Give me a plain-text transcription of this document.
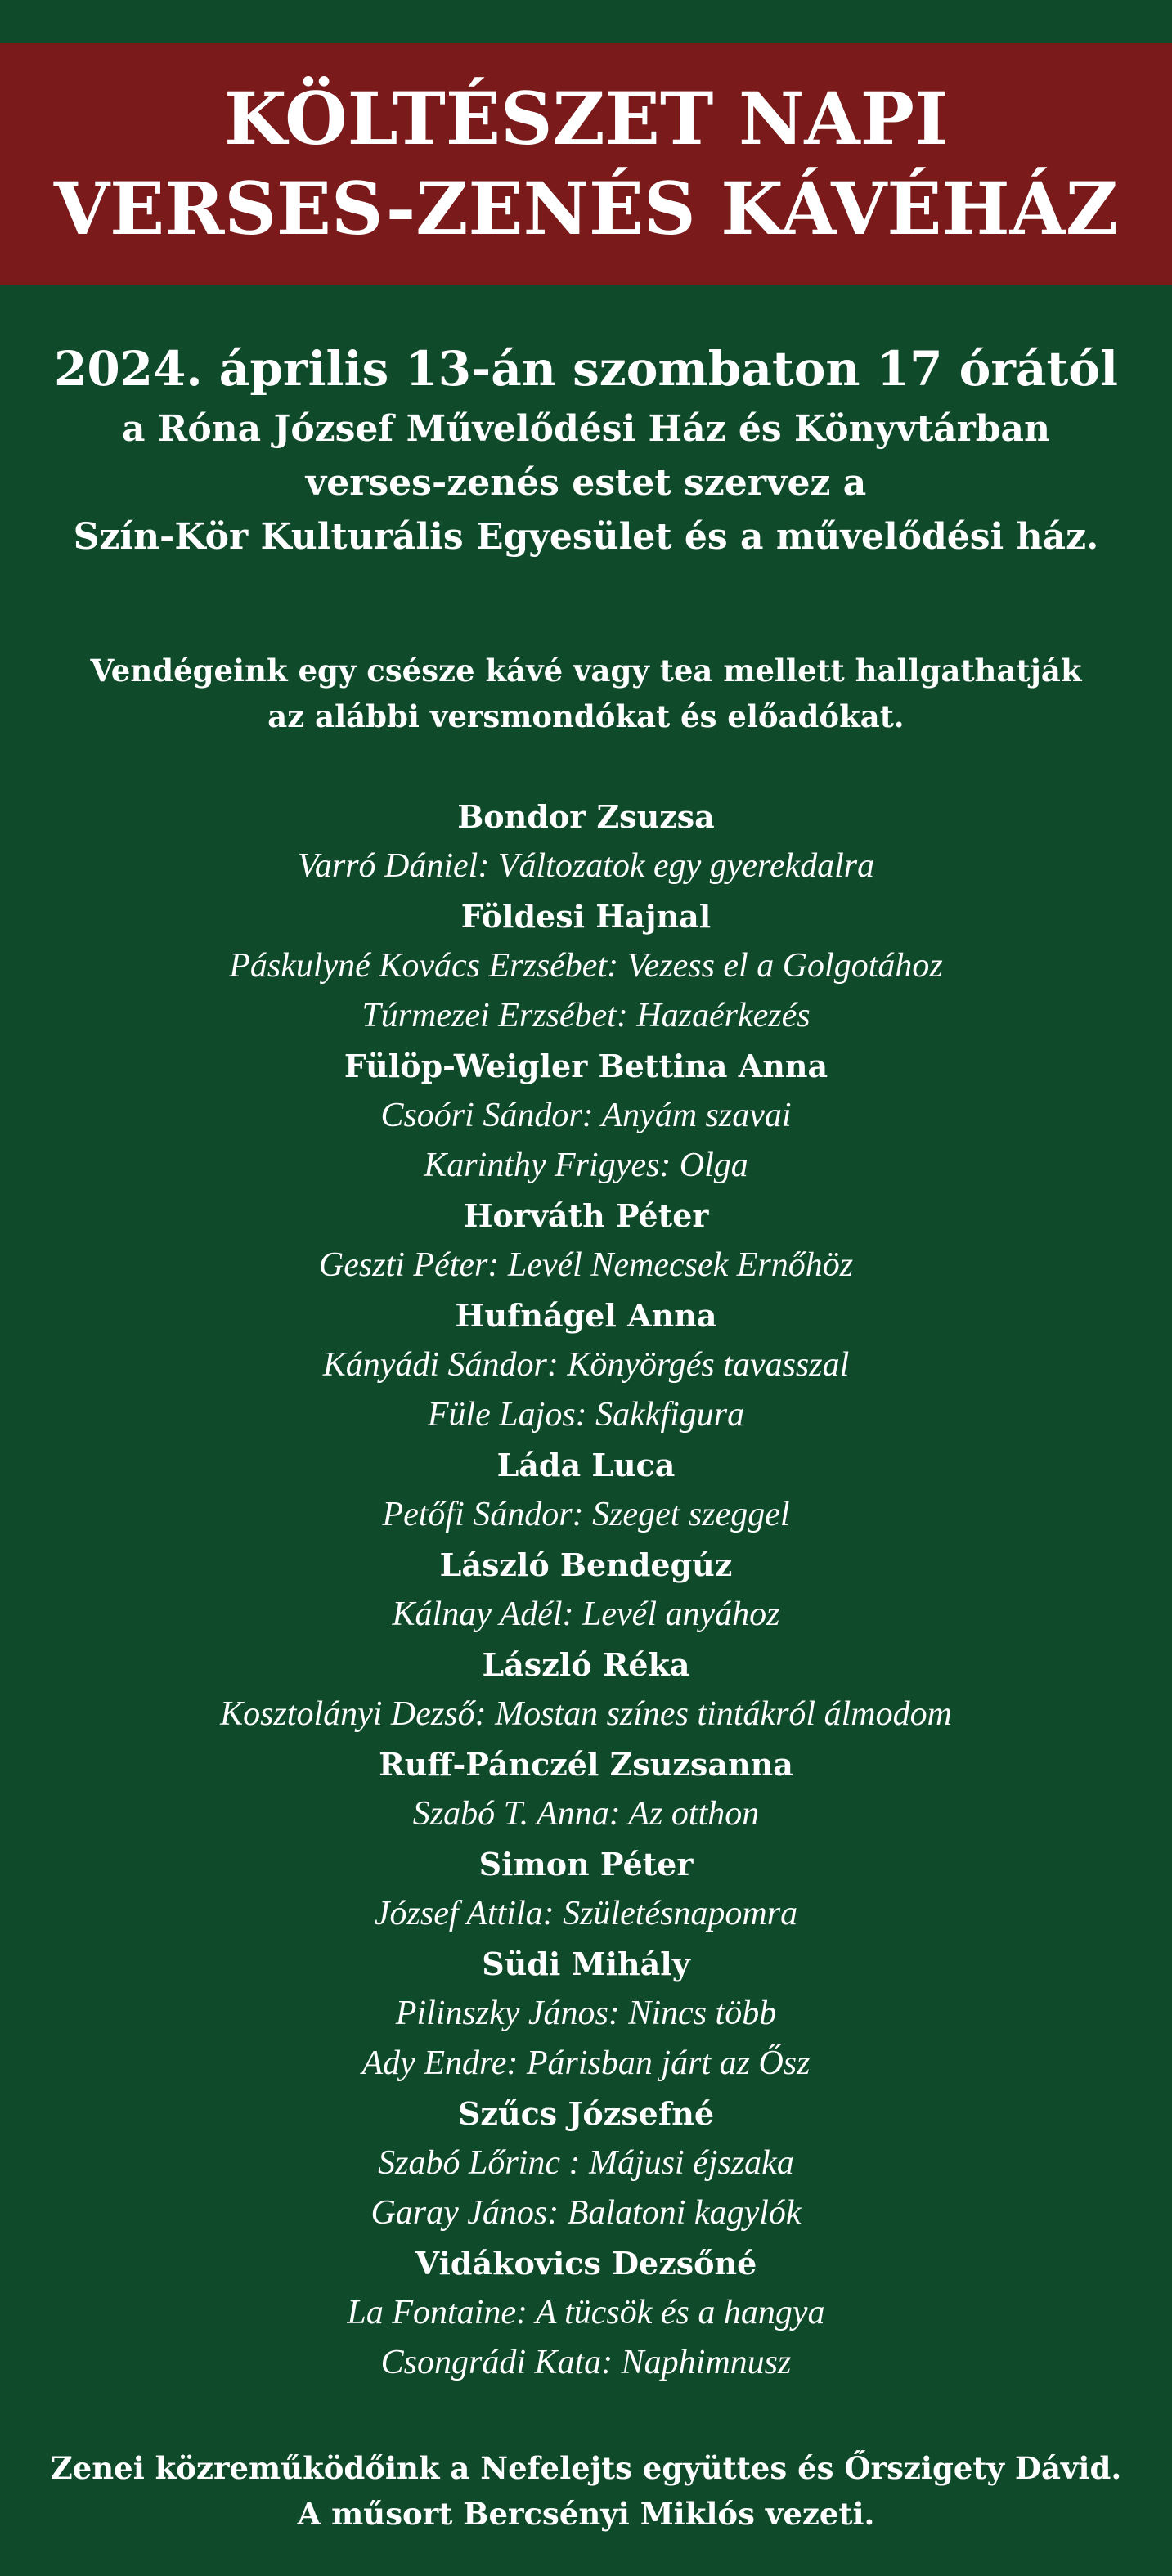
KÖLTÉSZET NAPI
VERSES-ZENÉS KÁVÉHÁZ
2024. április 13-án szombaton 17 órától
a Róna József Művelődési Ház és Könyvtárban
verses-zenés estet szervez a
Szín-Kör Kulturális Egyesület és a művelődési ház.
Vendégeink egy csésze kávé vagy tea mellett hallgathatják
az alábbi versmondókat és előadókat.
Bondor Zsuzsa
Varró Dániel: Változatok egy gyerekdalra
Földesi Hajnal
Páskulyné Kovács Erzsébet: Vezess el a Golgotához
Túrmezei Erzsébet: Hazaérkezés
Fülöp-Weigler Bettina Anna
Csoóri Sándor: Anyám szavai
Karinthy Frigyes: Olga
Horváth Péter
Geszti Péter: Levél Nemecsek Ernőhöz
Hufnágel Anna
Kányádi Sándor: Könyörgés tavasszal
Füle Lajos: Sakkfigura
Láda Luca
Petőfi Sándor: Szeget szeggel
László Bendegúz
Kálnay Adél: Levél anyához
László Réka
Kosztolányi Dezső: Mostan színes tintákról álmodom
Ruff-Pánczél Zsuzsanna
Szabó T. Anna: Az otthon
Simon Péter
József Attila: Születésnapomra
Südi Mihály
Pilinszky János: Nincs több
Ady Endre: Párisban járt az Ősz
Szűcs Józsefné
Szabó Lőrinc : Májusi éjszaka
Garay János: Balatoni kagylók
Vidákovics Dezsőné
La Fontaine: A tücsök és a hangya
Csongrádi Kata: Naphimnusz
Zenei közreműködőink a Nefelejts együttes és Őrszigety Dávid.
A műsort Bercsényi Miklós vezeti.
